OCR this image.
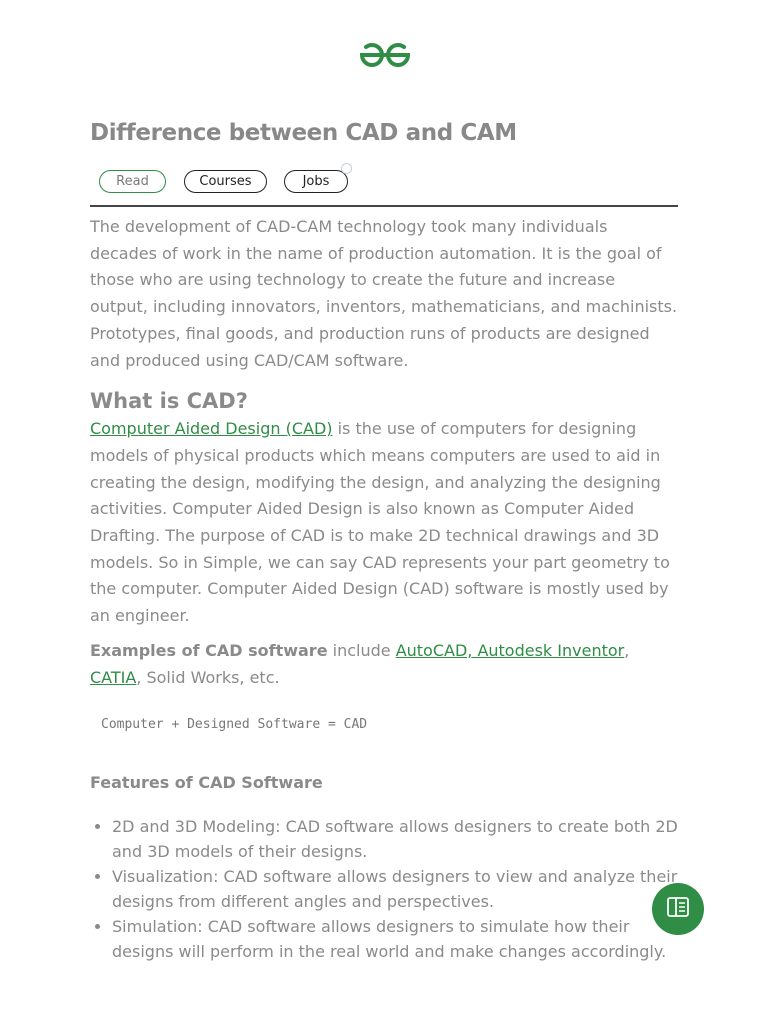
Difference between CAD and CAM
Read	Courses	Jobs

The development of CAD-CAM technology took many individuals decades of work in the name of production automation. It is the goal of those who are using technology to create the future and increase output, including innovators, inventors, mathematicians, and machinists. Prototypes, final goods, and production runs of products are designed and produced using CAD/CAM software.

What is CAD?

Computer Aided Design (CAD) is the use of computers for designing models of physical products which means computers are used to aid in creating the design, modifying the design, and analyzing the designing activities. Computer Aided Design is also known as Computer Aided Drafting. The purpose of CAD is to make 2D technical drawings and 3D models. So in Simple, we can say CAD represents your part geometry to the computer. Computer Aided Design (CAD) software is mostly used by an engineer.

Examples of CAD software include AutoCAD, Autodesk Inventor, CATIA, Solid Works, etc.

Computer + Designed Software = CAD
Features of CAD Software
• 2D and 3D Modeling: CAD software allows designers to create both 2D and 3D models of their designs.
• Visualization: CAD software allows designers to view and analyze their designs from different angles and perspectives.
• Simulation: CAD software allows designers to simulate how their designs will perform in the real world and make changes accordingly.
